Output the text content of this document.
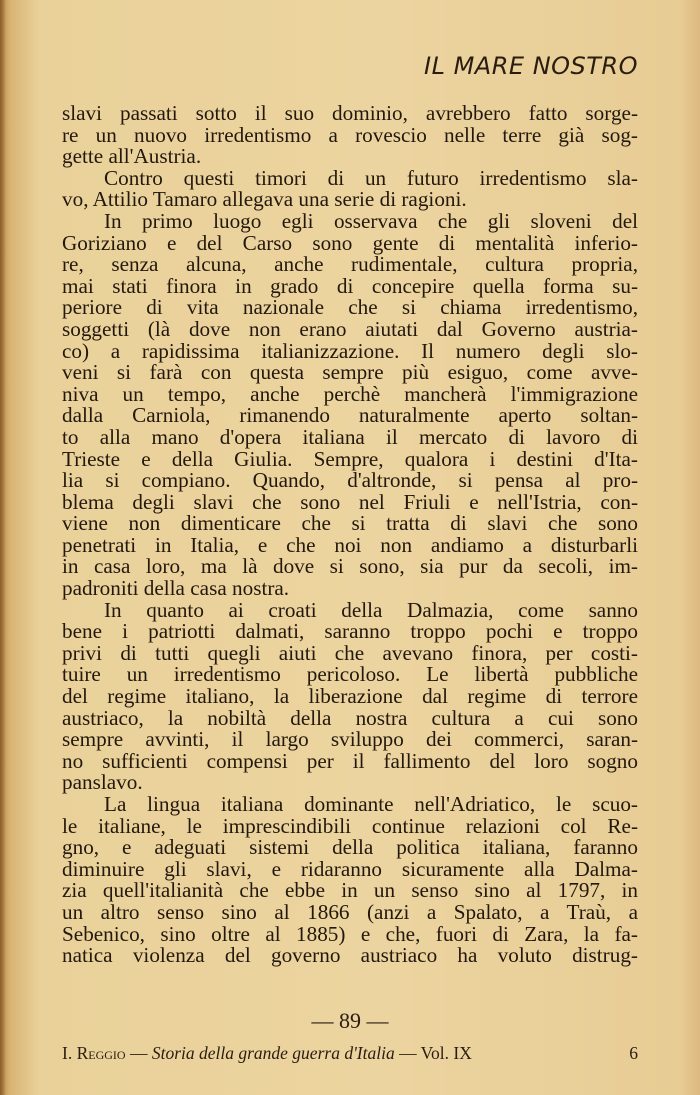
IL MARE NOSTRO

slavi passati sotto il suo dominio, avrebbero fatto sorge-
re un nuovo irredentismo a rovescio nelle terre già sog-
gette all'Austria.

Contro questi timori di un futuro irredentismo sla-
vo, Attilio Tamaro allegava una serie di ragioni.

In primo luogo egli osservava che gli sloveni del
Goriziano e del Carso sono gente di mentalità inferio-
re, senza alcuna, anche rudimentale, cultura propria,
mai stati finora in grado di concepire quella forma su-
periore di vita nazionale che si chiama irredentismo,
soggetti (là dove non erano aiutati dal Governo austria-
co) a rapidissima italianizzazione. Il numero degli slo-
veni si farà con questa sempre più esiguo, come avve-
niva un tempo, anche perchè mancherà l'immigrazione
dalla Carniola, rimanendo naturalmente aperto soltan-
to alla mano d'opera italiana il mercato di lavoro di
Trieste e della Giulia. Sempre, qualora i destini d'Ita-
lia si compiano. Quando, d'altronde, si pensa al pro-
blema degli slavi che sono nel Friuli e nell'Istria, con-
viene non dimenticare che si tratta di slavi che sono
penetrati in Italia, e che noi non andiamo a disturbarli
in casa loro, ma là dove si sono, sia pur da secoli, im-
padroniti della casa nostra.

In quanto ai croati della Dalmazia, come sanno
bene i patriotti dalmati, saranno troppo pochi e troppo
privi di tutti quegli aiuti che avevano finora, per costi-
tuire un irredentismo pericoloso. Le libertà pubbliche
del regime italiano, la liberazione dal regime di terrore
austriaco, la nobiltà della nostra cultura a cui sono
sempre avvinti, il largo sviluppo dei commerci, saran-
no sufficienti compensi per il fallimento del loro sogno
panslavo.

La lingua italiana dominante nell'Adriatico, le scuo-
le italiane, le imprescindibili continue relazioni col Re-
gno, e adeguati sistemi della politica italiana, faranno
diminuire gli slavi, e ridaranno sicuramente alla Dalma-
zia quell'italianità che ebbe in un senso sino al 1797, in
un altro senso sino al 1866 (anzi a Spalato, a Traù, a
Sebenico, sino oltre al 1885) e che, fuori di Zara, la fa-
natica violenza del governo austriaco ha voluto distrug-

— 89 —
I. Reggio — Storia della grande guerra d'Italia — Vol. IX	6
